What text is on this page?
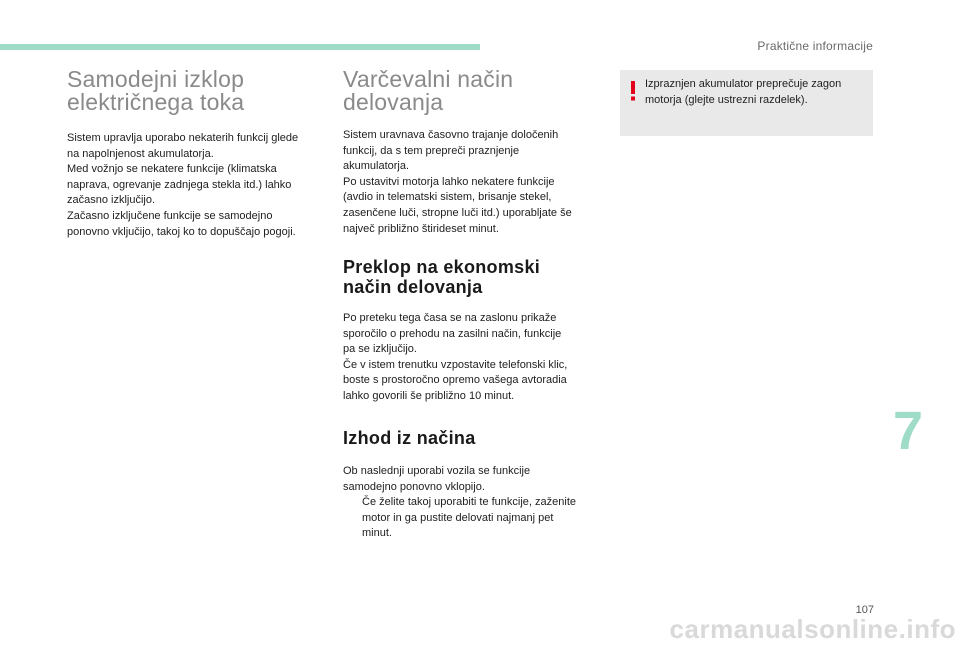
Praktične informacije
Samodejni izklop
električnega toka
Sistem upravlja uporabo nekaterih funkcij glede
na napolnjenost akumulatorja.
Med vožnjo se nekatere funkcije (klimatska
naprava, ogrevanje zadnjega stekla itd.) lahko
začasno izključijo.
Začasno izključene funkcije se samodejno
ponovno vključijo, takoj ko to dopuščajo pogoji.
Varčevalni način
delovanja
Sistem uravnava časovno trajanje določenih
funkcij, da s tem prepreči praznjenje
akumulatorja.
Po ustavitvi motorja lahko nekatere funkcije
(avdio in telematski sistem, brisanje stekel,
zasenčene luči, stropne luči itd.) uporabljate še
največ približno štirideset minut.
Preklop na ekonomski
način delovanja
Po preteku tega časa se na zaslonu prikaže
sporočilo o prehodu na zasilni način, funkcije
pa se izključijo.
Če v istem trenutku vzpostavite telefonski klic,
boste s prostoročno opremo vašega avtoradia
lahko govorili še približno 10 minut.
Izhod iz načina
Ob naslednji uporabi vozila se funkcije
samodejno ponovno vklopijo.
Če želite takoj uporabiti te funkcije, zaženite
motor in ga pustite delovati najmanj pet
minut.
Izpraznjen akumulator preprečuje zagon
motorja (glejte ustrezni razdelek).
7
107
carmanualsonline.info
